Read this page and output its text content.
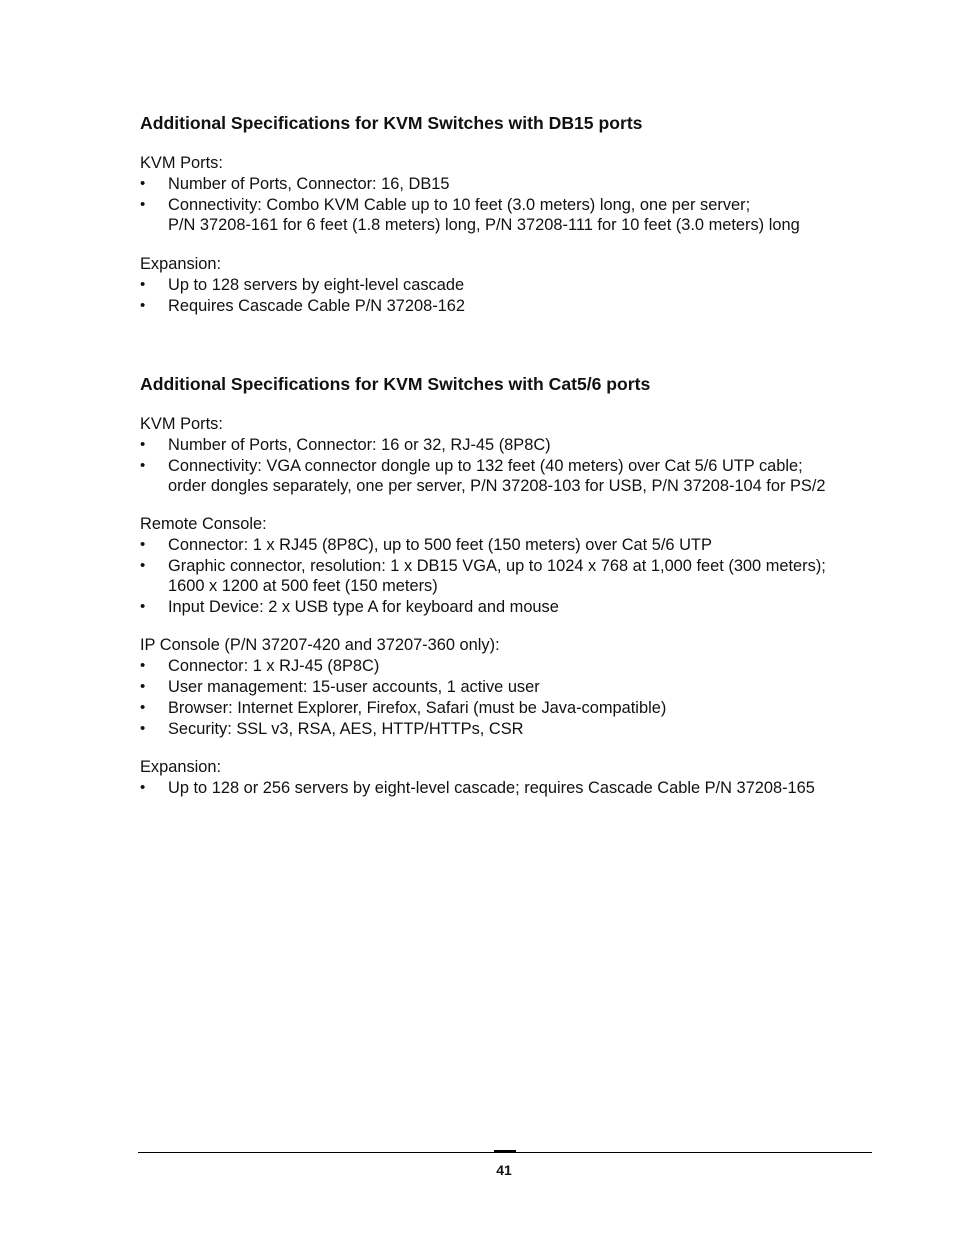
Additional Specifications for KVM Switches with DB15 ports

KVM Ports:

• Number of Ports, Connector: 16, DB15
• Connectivity: Combo KVM Cable up to 10 feet (3.0 meters) long, one per server;
P/N 37208-161 for 6 feet (1.8 meters) long, P/N 37208-111 for 10 feet (3.0 meters) long

Expansion:

• Up to 128 servers by eight-level cascade
• Requires Cascade Cable P/N 37208-162
Additional Specifications for KVM Switches with Cat5/6 ports

KVM Ports:

• Number of Ports, Connector: 16 or 32, RJ-45 (8P8C)
• Connectivity: VGA connector dongle up to 132 feet (40 meters) over Cat 5/6 UTP cable;
order dongles separately, one per server, P/N 37208-103 for USB, P/N 37208-104 for PS/2

Remote Console:

• Connector: 1 x RJ45 (8P8C), up to 500 feet (150 meters) over Cat 5/6 UTP
• Graphic connector, resolution: 1 x DB15 VGA, up to 1024 x 768 at 1,000 feet (300 meters);
1600 x 1200 at 500 feet (150 meters)
• Input Device: 2 x USB type A for keyboard and mouse

IP Console (P/N 37207-420 and 37207-360 only):

• Connector: 1 x RJ-45 (8P8C)
• User management: 15-user accounts, 1 active user
• Browser: Internet Explorer, Firefox, Safari (must be Java-compatible)
• Security: SSL v3, RSA, AES, HTTP/HTTPs, CSR

Expansion:

• Up to 128 or 256 servers by eight-level cascade; requires Cascade Cable P/N 37208-165
41
